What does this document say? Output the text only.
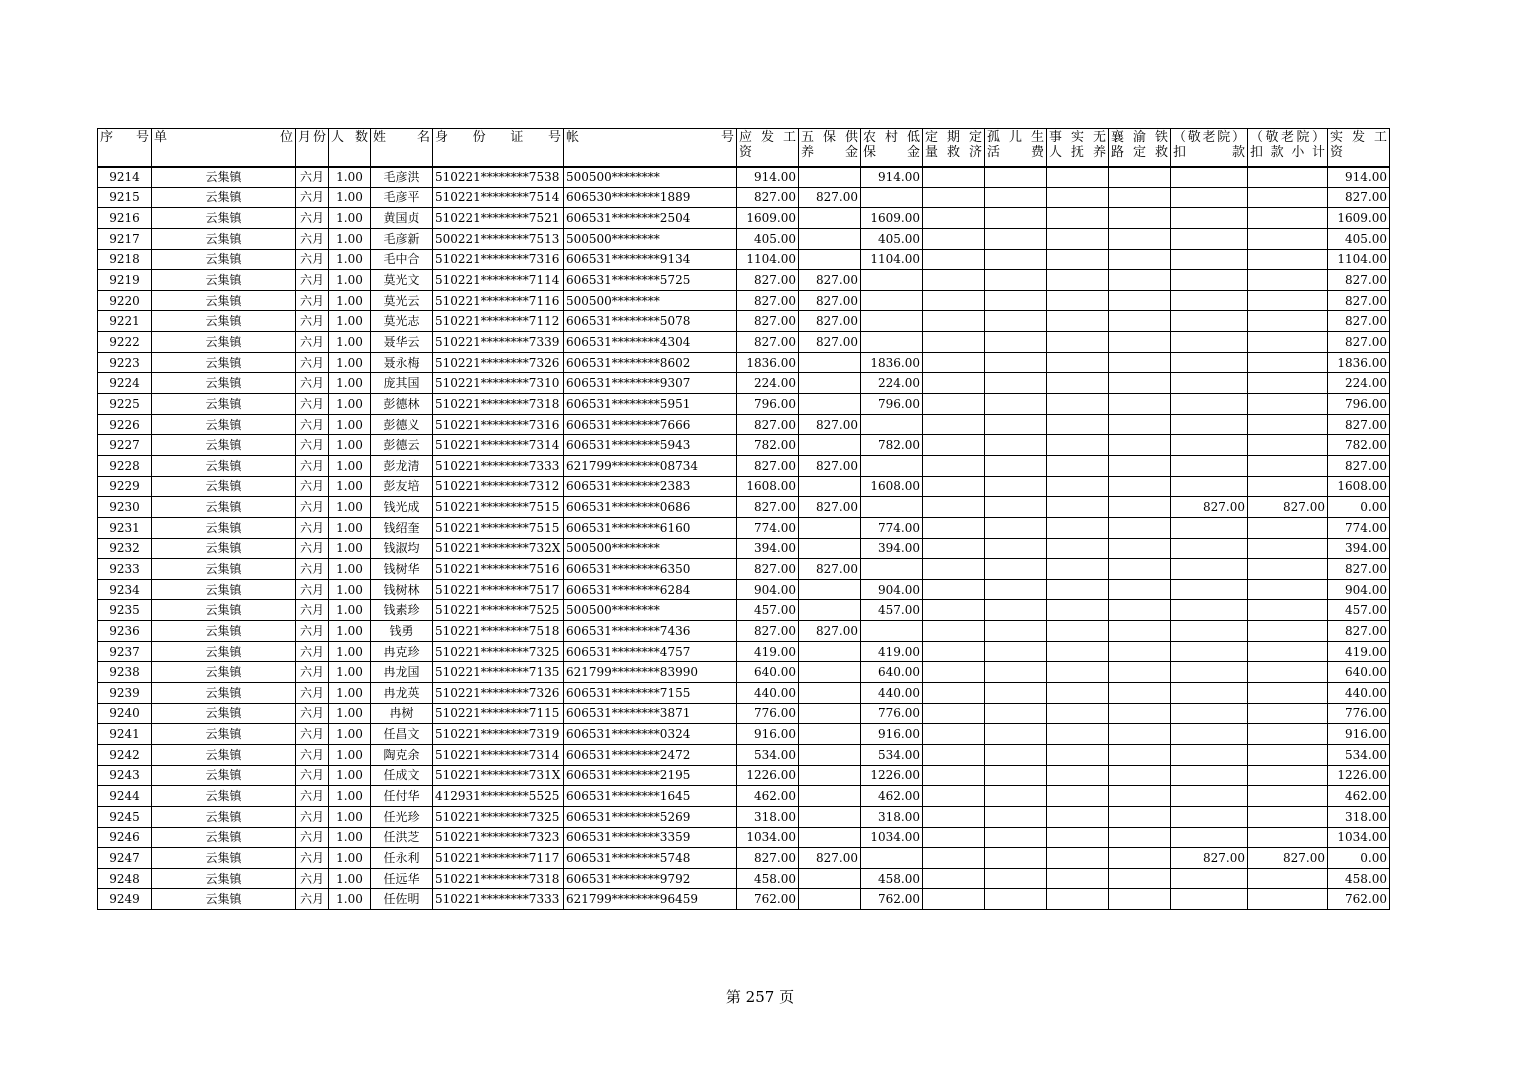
序　号	单　　　　　　　位	月份	人 数	姓　　名	身　份　证　号	帐　　　　　　　　　　号	应 发 工 资	五 保 供 养　　金	农 村 低 保　　金	定 期 定 量 救 济	孤 儿 生 活　　费	事 实 无 人 抚 养	襄 渝 铁 路 定 救	（敬老院）扣　　款	（敬老院）扣 款 小 计	实 发 工 资
9214	云集镇	六月	1.00	毛彦洪	510221********7538	500500********	914.00		914.00							914.00
9215	云集镇	六月	1.00	毛彦平	510221********7514	606530********1889	827.00	827.00								827.00
9216	云集镇	六月	1.00	黄国贞	510221********7521	606531********2504	1609.00		1609.00							1609.00
9217	云集镇	六月	1.00	毛彦新	500221********7513	500500********	405.00		405.00							405.00
9218	云集镇	六月	1.00	毛中合	510221********7316	606531********9134	1104.00		1104.00							1104.00
9219	云集镇	六月	1.00	莫光文	510221********7114	606531********5725	827.00	827.00								827.00
9220	云集镇	六月	1.00	莫光云	510221********7116	500500********	827.00	827.00								827.00
9221	云集镇	六月	1.00	莫光志	510221********7112	606531********5078	827.00	827.00								827.00
9222	云集镇	六月	1.00	聂华云	510221********7339	606531********4304	827.00	827.00								827.00
9223	云集镇	六月	1.00	聂永梅	510221********7326	606531********8602	1836.00		1836.00							1836.00
9224	云集镇	六月	1.00	庞其国	510221********7310	606531********9307	224.00		224.00							224.00
9225	云集镇	六月	1.00	彭德林	510221********7318	606531********5951	796.00		796.00							796.00
9226	云集镇	六月	1.00	彭德义	510221********7316	606531********7666	827.00	827.00								827.00
9227	云集镇	六月	1.00	彭德云	510221********7314	606531********5943	782.00		782.00							782.00
9228	云集镇	六月	1.00	彭龙清	510221********7333	621799********08734	827.00	827.00								827.00
9229	云集镇	六月	1.00	彭友培	510221********7312	606531********2383	1608.00		1608.00							1608.00
9230	云集镇	六月	1.00	钱光成	510221********7515	606531********0686	827.00	827.00						827.00	827.00	0.00
9231	云集镇	六月	1.00	钱绍奎	510221********7515	606531********6160	774.00		774.00							774.00
9232	云集镇	六月	1.00	钱淑均	510221********732X	500500********	394.00		394.00							394.00
9233	云集镇	六月	1.00	钱树华	510221********7516	606531********6350	827.00	827.00								827.00
9234	云集镇	六月	1.00	钱树林	510221********7517	606531********6284	904.00		904.00							904.00
9235	云集镇	六月	1.00	钱素珍	510221********7525	500500********	457.00		457.00							457.00
9236	云集镇	六月	1.00	钱勇	510221********7518	606531********7436	827.00	827.00								827.00
9237	云集镇	六月	1.00	冉克珍	510221********7325	606531********4757	419.00		419.00							419.00
9238	云集镇	六月	1.00	冉龙国	510221********7135	621799********83990	640.00		640.00							640.00
9239	云集镇	六月	1.00	冉龙英	510221********7326	606531********7155	440.00		440.00							440.00
9240	云集镇	六月	1.00	冉树	510221********7115	606531********3871	776.00		776.00							776.00
9241	云集镇	六月	1.00	任昌文	510221********7319	606531********0324	916.00		916.00							916.00
9242	云集镇	六月	1.00	陶克余	510221********7314	606531********2472	534.00		534.00							534.00
9243	云集镇	六月	1.00	任成文	510221********731X	606531********2195	1226.00		1226.00							1226.00
9244	云集镇	六月	1.00	任付华	412931********5525	606531********1645	462.00		462.00							462.00
9245	云集镇	六月	1.00	任光珍	510221********7325	606531********5269	318.00		318.00							318.00
9246	云集镇	六月	1.00	任洪芝	510221********7323	606531********3359	1034.00		1034.00							1034.00
9247	云集镇	六月	1.00	任永利	510221********7117	606531********5748	827.00	827.00						827.00	827.00	0.00
9248	云集镇	六月	1.00	任远华	510221********7318	606531********9792	458.00		458.00							458.00
9249	云集镇	六月	1.00	任佐明	510221********7333	621799********96459	762.00		762.00							762.00
第 257 页
